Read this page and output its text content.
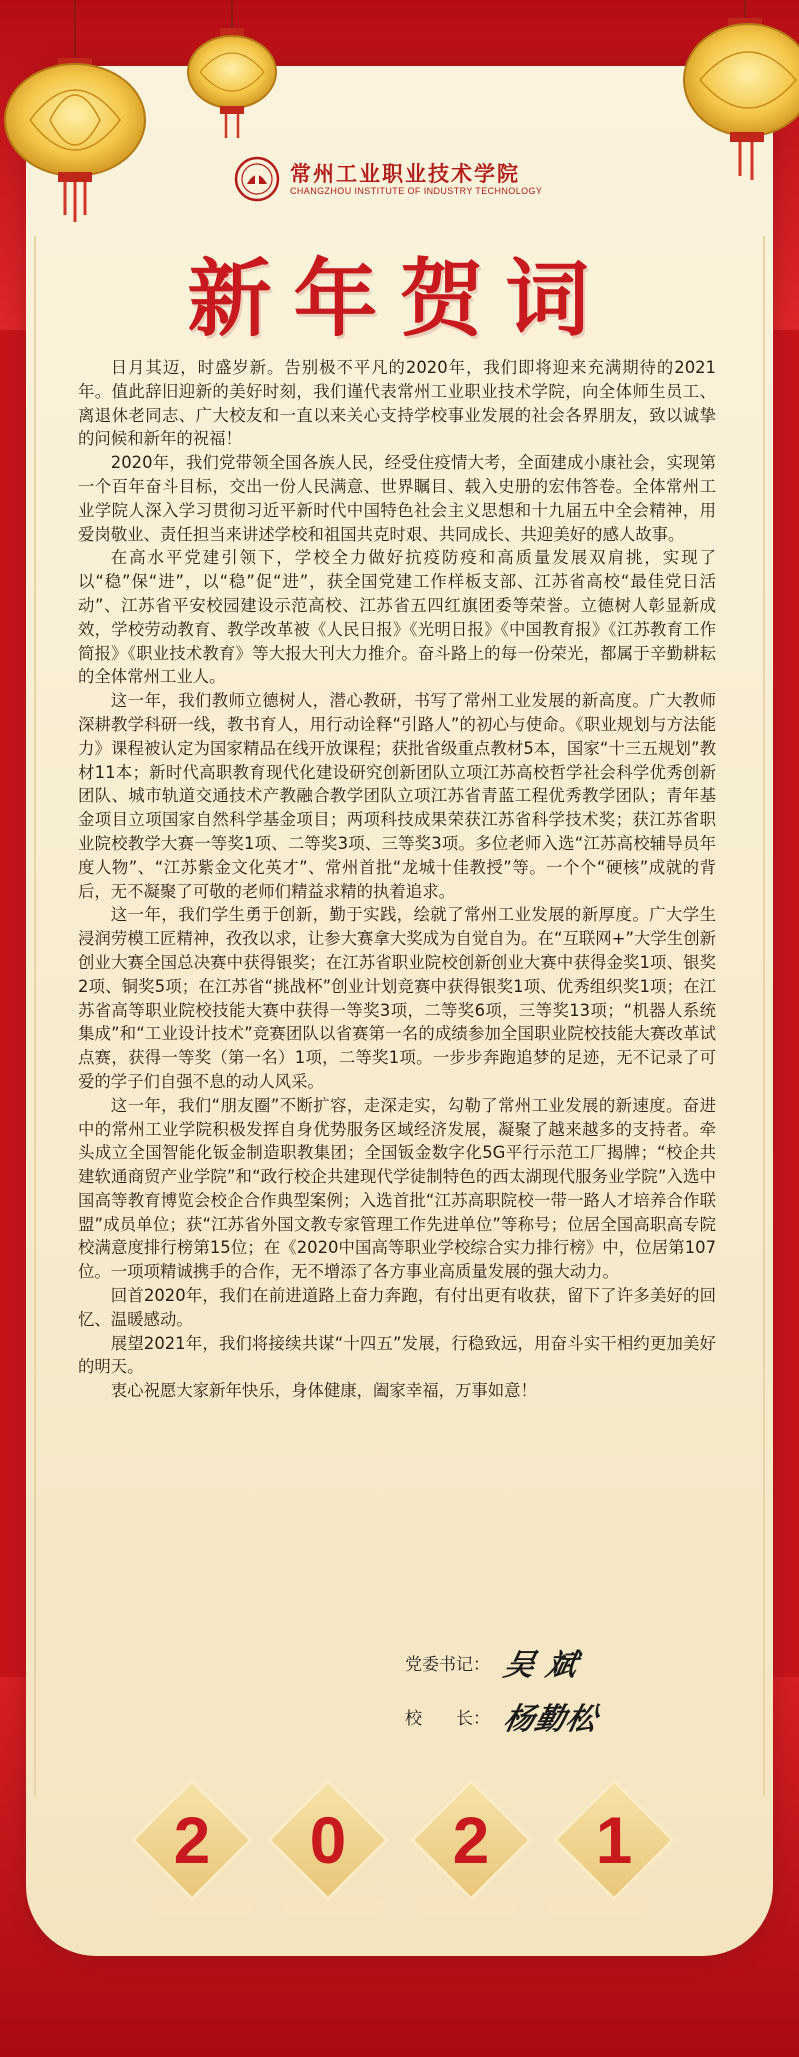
常州工业职业技术学院
CHANGZHOU INSTITUTE OF INDUSTRY TECHNOLOGY
新年贺词

日月其迈，时盛岁新。告别极不平凡的2020年，我们即将迎来充满期待的2021年。值此辞旧迎新的美好时刻，我们谨代表常州工业职业技术学院，向全体师生员工、离退休老同志、广大校友和一直以来关心支持学校事业发展的社会各界朋友，致以诚挚的问候和新年的祝福！

2020年，我们党带领全国各族人民，经受住疫情大考，全面建成小康社会，实现第一个百年奋斗目标，交出一份人民满意、世界瞩目、载入史册的宏伟答卷。全体常州工业学院人深入学习贯彻习近平新时代中国特色社会主义思想和十九届五中全会精神，用爱岗敬业、责任担当来讲述学校和祖国共克时艰、共同成长、共迎美好的感人故事。

在高水平党建引领下，学校全力做好抗疫防疫和高质量发展双肩挑，实现了以“稳”保“进”，以“稳”促“进”，获全国党建工作样板支部、江苏省高校“最佳党日活动”、江苏省平安校园建设示范高校、江苏省五四红旗团委等荣誉。立德树人彰显新成效，学校劳动教育、教学改革被《人民日报》《光明日报》《中国教育报》《江苏教育工作简报》《职业技术教育》等大报大刊大力推介。奋斗路上的每一份荣光，都属于辛勤耕耘的全体常州工业人。

这一年，我们教师立德树人，潜心教研，书写了常州工业发展的新高度。广大教师深耕教学科研一线，教书育人，用行动诠释“引路人”的初心与使命。《职业规划与方法能力》课程被认定为国家精品在线开放课程；获批省级重点教材5本，国家“十三五规划”教材11本；新时代高职教育现代化建设研究创新团队立项江苏高校哲学社会科学优秀创新团队、城市轨道交通技术产教融合教学团队立项江苏省青蓝工程优秀教学团队；青年基金项目立项国家自然科学基金项目；两项科技成果荣获江苏省科学技术奖；获江苏省职业院校教学大赛一等奖1项、二等奖3项、三等奖3项。多位老师入选“江苏高校辅导员年度人物”、“江苏紫金文化英才”、常州首批“龙城十佳教授”等。一个个“硬核”成就的背后，无不凝聚了可敬的老师们精益求精的执着追求。

这一年，我们学生勇于创新，勤于实践，绘就了常州工业发展的新厚度。广大学生浸润劳模工匠精神，孜孜以求，让参大赛拿大奖成为自觉自为。在“互联网+”大学生创新创业大赛全国总决赛中获得银奖；在江苏省职业院校创新创业大赛中获得金奖1项、银奖2项、铜奖5项；在江苏省“挑战杯”创业计划竞赛中获得银奖1项、优秀组织奖1项；在江苏省高等职业院校技能大赛中获得一等奖3项，二等奖6项，三等奖13项；“机器人系统集成”和“工业设计技术”竞赛团队以省赛第一名的成绩参加全国职业院校技能大赛改革试点赛，获得一等奖（第一名）1项，二等奖1项。一步步奔跑追梦的足迹，无不记录了可爱的学子们自强不息的动人风采。

这一年，我们“朋友圈”不断扩容，走深走实，勾勒了常州工业发展的新速度。奋进中的常州工业学院积极发挥自身优势服务区域经济发展，凝聚了越来越多的支持者。牵头成立全国智能化钣金制造职教集团；全国钣金数字化5G平行示范工厂揭牌；“校企共建软通商贸产业学院”和“政行校企共建现代学徒制特色的西太湖现代服务业学院”入选中国高等教育博览会校企合作典型案例；入选首批“江苏高职院校一带一路人才培养合作联盟”成员单位；获“江苏省外国文教专家管理工作先进单位”等称号；位居全国高职高专院校满意度排行榜第15位；在《2020中国高等职业学校综合实力排行榜》中，位居第107位。一项项精诚携手的合作，无不增添了各方事业高质量发展的强大动力。

回首2020年，我们在前进道路上奋力奔跑，有付出更有收获，留下了许多美好的回忆、温暖感动。

展望2021年，我们将接续共谋“十四五”发展，行稳致远，用奋斗实干相约更加美好的明天。

衷心祝愿大家新年快乐，身体健康，阖家幸福，万事如意！

党委书记： 吴 斌
校　　长： 杨勤松
2	0	2	1
